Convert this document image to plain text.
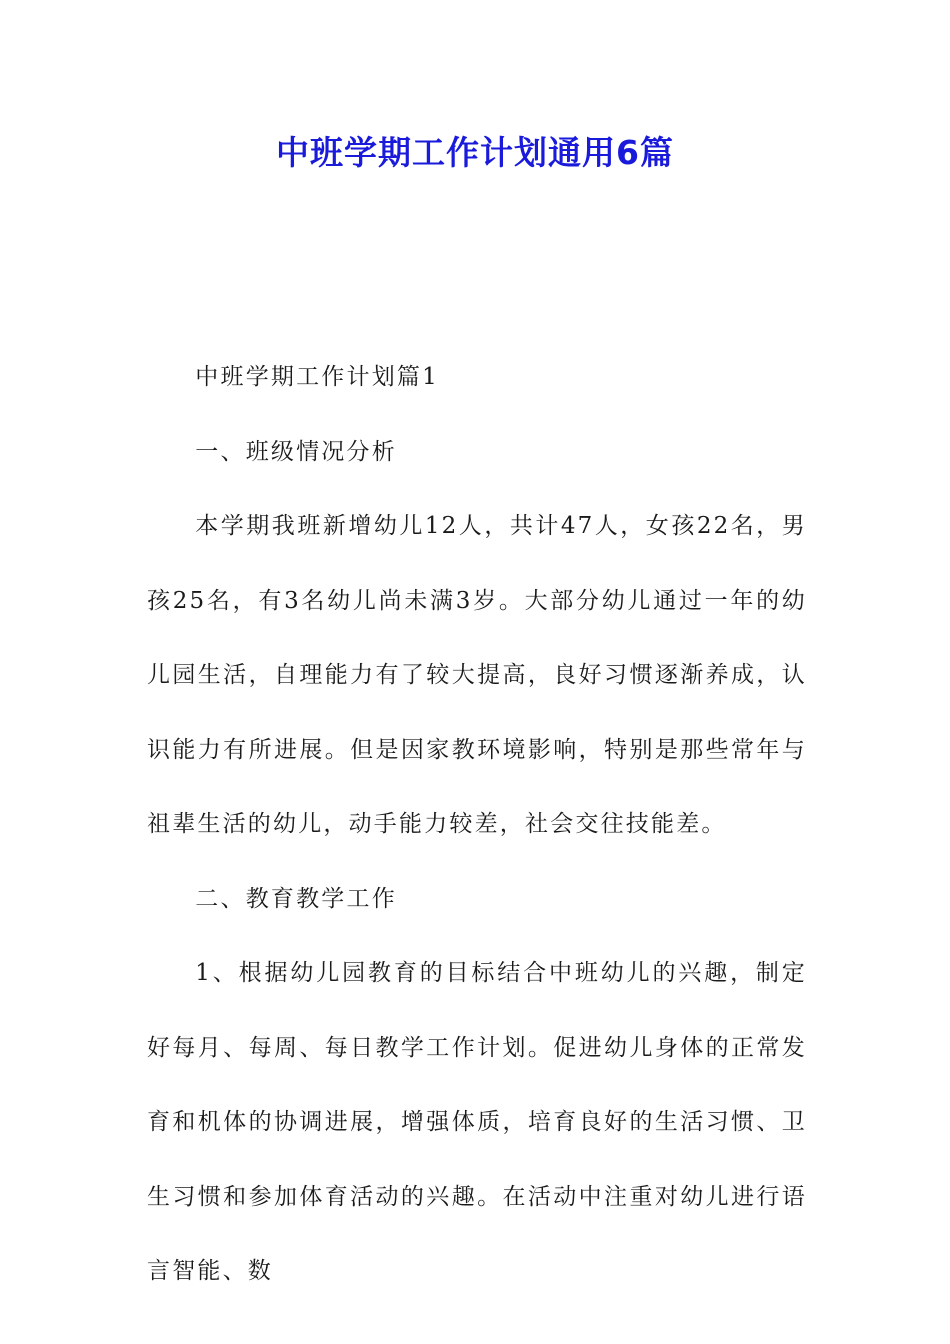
中班学期工作计划通用6篇

中班学期工作计划篇1

一、班级情况分析

本学期我班新增幼儿12人，共计47人，女孩22名，男孩25名，有3名幼儿尚未满3岁。大部分幼儿通过一年的幼儿园生活，自理能力有了较大提高，良好习惯逐渐养成，认识能力有所进展。但是因家教环境影响，特别是那些常年与祖辈生活的幼儿，动手能力较差，社会交往技能差。

二、教育教学工作

1、根据幼儿园教育的目标结合中班幼儿的兴趣，制定好每月、每周、每日教学工作计划。促进幼儿身体的正常发育和机体的协调进展，增强体质，培育良好的生活习惯、卫生习惯和参加体育活动的兴趣。在活动中注重对幼儿进行语言智能、数
